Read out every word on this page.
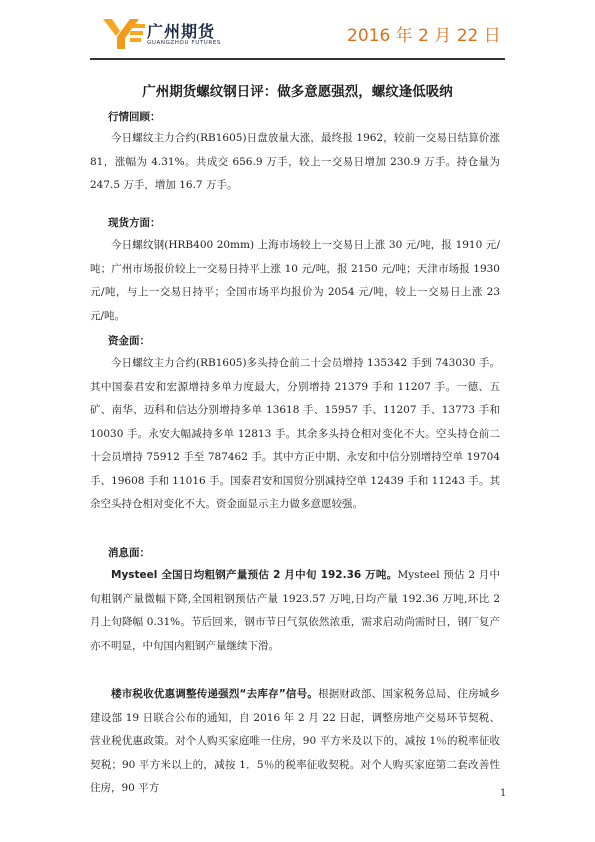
广州期货
GUANGZHOU FUTURES	2016 年 2 月 22 日
广州期货螺纹钢日评：做多意愿强烈，螺纹逢低吸纳
行情回顾：
今日螺纹主力合约(RB1605)日盘放量大涨，最终报 1962，较前一交易日结算价涨 81，涨幅为 4.31%。共成交 656.9 万手，较上一交易日增加 230.9 万手。持仓量为 247.5 万手，增加 16.7 万手。
现货方面：
今日螺纹钢(HRB400 20mm) 上海市场较上一交易日上涨 30 元/吨，报 1910 元/吨；广州市场报价较上一交易日持平上涨 10 元/吨，报 2150 元/吨；天津市场报 1930 元/吨，与上一交易日持平；全国市场平均报价为 2054 元/吨，较上一交易日上涨 23 元/吨。
资金面：
今日螺纹主力合约(RB1605)多头持仓前二十会员增持 135342 手到 743030 手。其中国泰君安和宏源增持多单力度最大，分别增持 21379 手和 11207 手。一德、五矿、南华、迈科和信达分别增持多单 13618 手、15957 手、11207 手、13773 手和 10030 手。永安大幅减持多单 12813 手。其余多头持仓相对变化不大。空头持仓前二十会员增持 75912 手至 787462 手。其中方正中期、永安和中信分别增持空单 19704 手、19608 手和 11016 手。国泰君安和国贸分别减持空单 12439 手和 11243 手。其余空头持仓相对变化不大。资金面显示主力做多意愿较强。
消息面：
Mysteel 全国日均粗钢产量预估 2 月中旬 192.36 万吨。Mysteel 预估 2 月中旬粗钢产量微幅下降,全国粗钢预估产量 1923.57 万吨,日均产量 192.36 万吨,环比 2 月上旬降幅 0.31%。节后回来，钢市节日气氛依然浓重，需求启动尚需时日，钢厂复产亦不明显，中旬国内粗钢产量继续下滑。
楼市税收优惠调整传递强烈“去库存”信号。根据财政部、国家税务总局、住房城乡建设部 19 日联合公布的通知，自 2016 年 2 月 22 日起，调整房地产交易环节契税、营业税优惠政策。对个人购买家庭唯一住房，90 平方米及以下的，减按 1％的税率征收契税；90 平方米以上的，减按 1．5％的税率征收契税。对个人购买家庭第二套改善性住房，90 平方	1
